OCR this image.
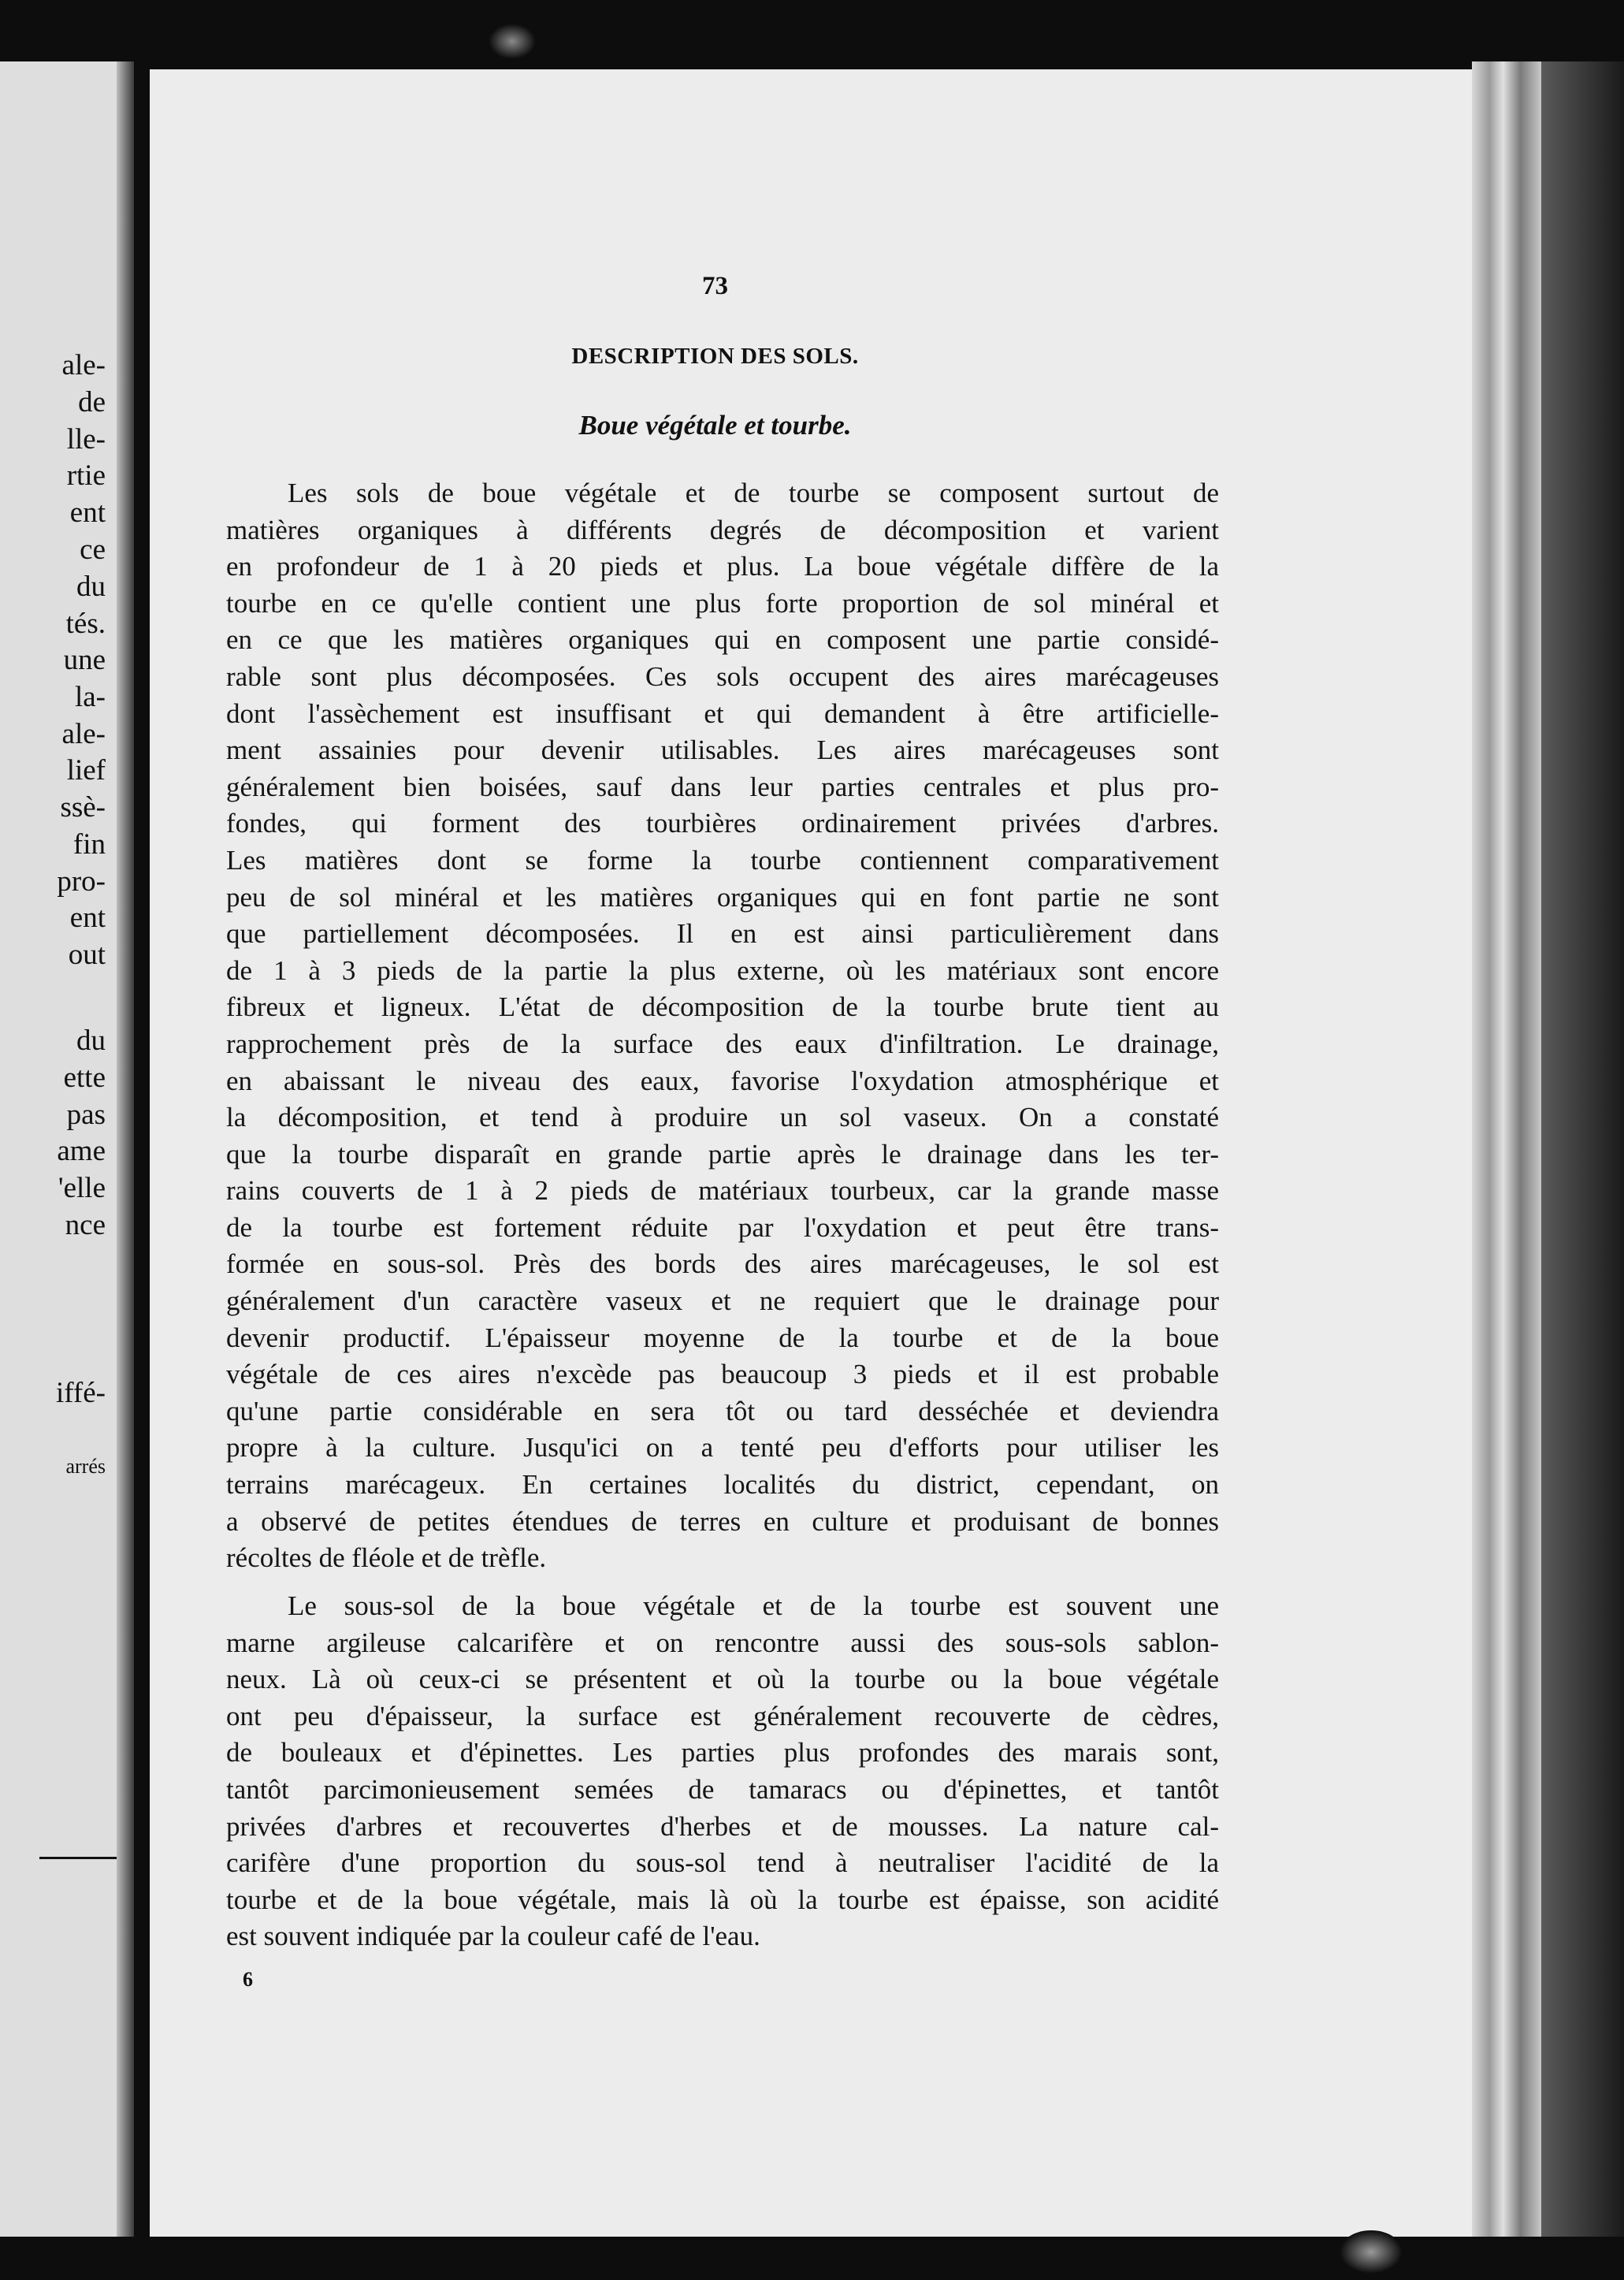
ale-

de

lle-

rtie

ent

ce

du

tés.

une

la-

ale-

lief

ssè-

fin

pro-

ent

out

du

ette

pas

ame

'elle

nce

iffé-

arrés

73

DESCRIPTION DES SOLS.

Boue végétale et tourbe.

Les sols de boue végétale et de tourbe se composent surtout de
matières organiques à différents degrés de décomposition et varient
en profondeur de 1 à 20 pieds et plus. La boue végétale diffère de la
tourbe en ce qu'elle contient une plus forte proportion de sol minéral et
en ce que les matières organiques qui en composent une partie considé-
rable sont plus décomposées. Ces sols occupent des aires marécageuses
dont l'assèchement est insuffisant et qui demandent à être artificielle-
ment assainies pour devenir utilisables. Les aires marécageuses sont
généralement bien boisées, sauf dans leur parties centrales et plus pro-
fondes, qui forment des tourbières ordinairement privées d'arbres.
Les matières dont se forme la tourbe contiennent comparativement
peu de sol minéral et les matières organiques qui en font partie ne sont
que partiellement décomposées. Il en est ainsi particulièrement dans
de 1 à 3 pieds de la partie la plus externe, où les matériaux sont encore
fibreux et ligneux. L'état de décomposition de la tourbe brute tient au
rapprochement près de la surface des eaux d'infiltration. Le drainage,
en abaissant le niveau des eaux, favorise l'oxydation atmosphérique et
la décomposition, et tend à produire un sol vaseux. On a constaté
que la tourbe disparaît en grande partie après le drainage dans les ter-
rains couverts de 1 à 2 pieds de matériaux tourbeux, car la grande masse
de la tourbe est fortement réduite par l'oxydation et peut être trans-
formée en sous-sol. Près des bords des aires marécageuses, le sol est
généralement d'un caractère vaseux et ne requiert que le drainage pour
devenir productif. L'épaisseur moyenne de la tourbe et de la boue
végétale de ces aires n'excède pas beaucoup 3 pieds et il est probable
qu'une partie considérable en sera tôt ou tard desséchée et deviendra
propre à la culture. Jusqu'ici on a tenté peu d'efforts pour utiliser les
terrains marécageux. En certaines localités du district, cependant, on
a observé de petites étendues de terres en culture et produisant de bonnes
récoltes de fléole et de trèfle.
Le sous-sol de la boue végétale et de la tourbe est souvent une
marne argileuse calcarifère et on rencontre aussi des sous-sols sablon-
neux. Là où ceux-ci se présentent et où la tourbe ou la boue végétale
ont peu d'épaisseur, la surface est généralement recouverte de cèdres,
de bouleaux et d'épinettes. Les parties plus profondes des marais sont,
tantôt parcimonieusement semées de tamaracs ou d'épinettes, et tantôt
privées d'arbres et recouvertes d'herbes et de mousses. La nature cal-
carifère d'une proportion du sous-sol tend à neutraliser l'acidité de la
tourbe et de la boue végétale, mais là où la tourbe est épaisse, son acidité
est souvent indiquée par la couleur café de l'eau.

6
